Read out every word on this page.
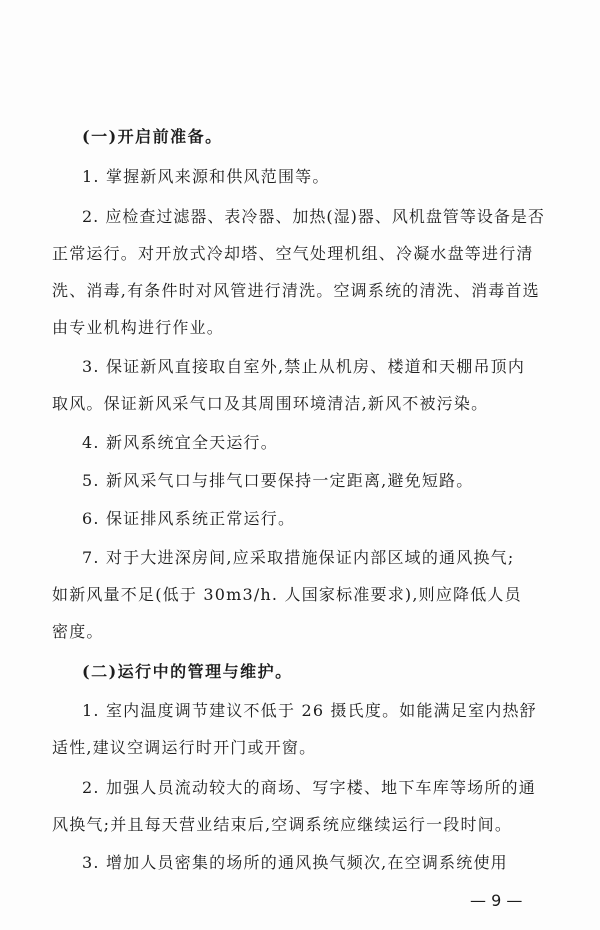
(一)开启前准备。
1. 掌握新风来源和供风范围等。
2. 应检查过滤器、表冷器、加热(湿)器、风机盘管等设备是否
正常运行。对开放式冷却塔、空气处理机组、冷凝水盘等进行清
洗、消毒,有条件时对风管进行清洗。空调系统的清洗、消毒首选
由专业机构进行作业。
3. 保证新风直接取自室外,禁止从机房、楼道和天棚吊顶内
取风。保证新风采气口及其周围环境清洁,新风不被污染。
4. 新风系统宜全天运行。
5. 新风采气口与排气口要保持一定距离,避免短路。
6. 保证排风系统正常运行。
7. 对于大进深房间,应采取措施保证内部区域的通风换气;
如新风量不足(低于 30m3/h. 人国家标准要求),则应降低人员
密度。
(二)运行中的管理与维护。
1. 室内温度调节建议不低于 26 摄氏度。如能满足室内热舒
适性,建议空调运行时开门或开窗。
2. 加强人员流动较大的商场、写字楼、地下车库等场所的通
风换气;并且每天营业结束后,空调系统应继续运行一段时间。
3. 增加人员密集的场所的通风换气频次,在空调系统使用
— 9 —
